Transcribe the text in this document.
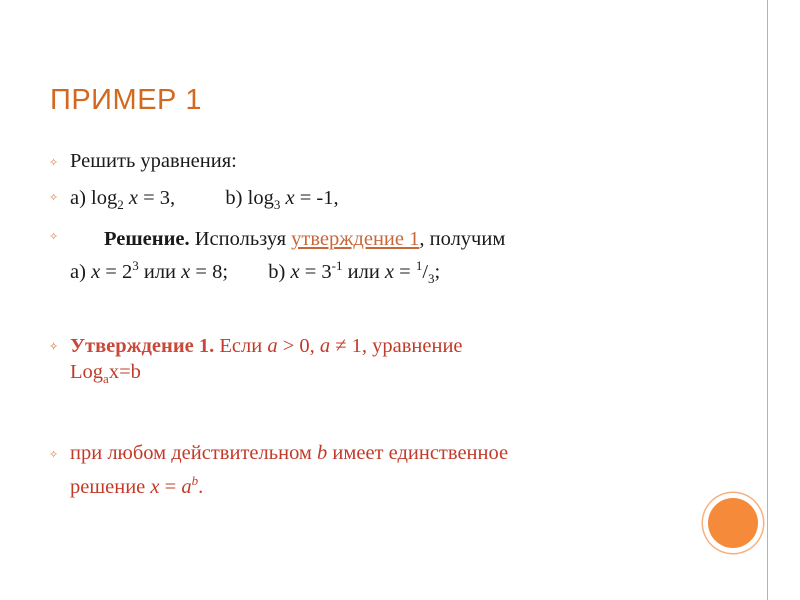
ПРИМЕР 1
✧
✧
✧
✧
✧
Решить уравнения:
а) $\log_2 x = 3$, b) $\log_3 x = -1$,
Решение. Используя утверждение 1, получим
а) $x = 2^3$ или x = 8; b) $x = 3^{-1}$ или $x = ^1/_3$;
Утверждение 1. Если a > 0, a ≠ 1, уравнение
Log$_a$x=b
при любом действительном b имеет единственное
решение $x = a^b$.
